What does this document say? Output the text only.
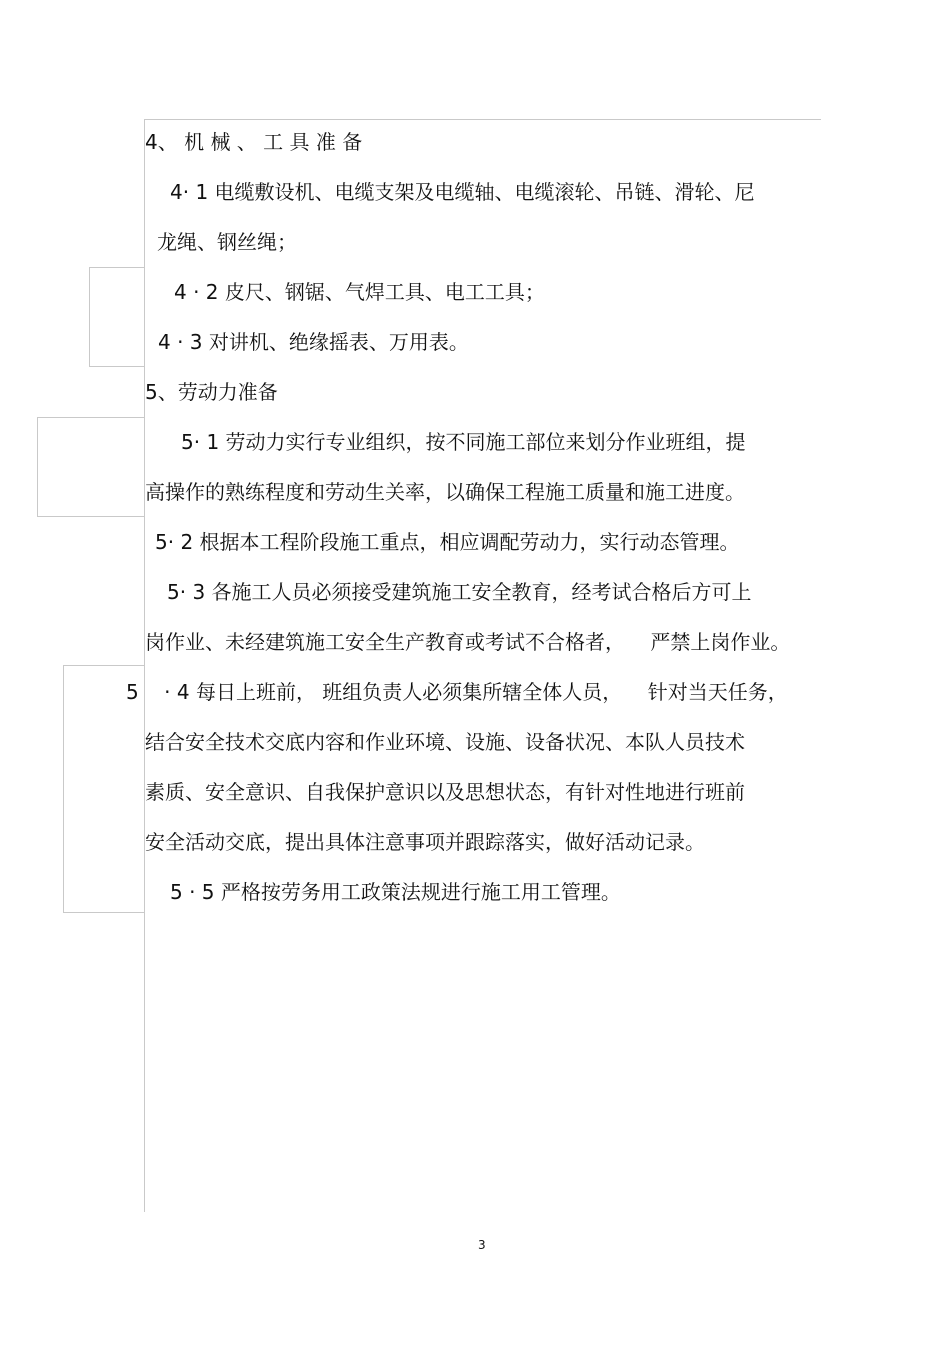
4、 机 械 、 工 具 准 备
4· 1 电缆敷设机、电缆支架及电缆轴、电缆滚轮、吊链、滑轮、尼
龙绳、钢丝绳；
4 · 2 皮尺、钢锯、气焊工具、电工工具；
4 · 3 对讲机、绝缘摇表、万用表。
5、劳动力准备
5· 1 劳动力实行专业组织，按不同施工部位来划分作业班组，提
高操作的熟练程度和劳动生关率，以确保工程施工质量和施工进度。
5· 2 根据本工程阶段施工重点，相应调配劳动力，实行动态管理。
5· 3 各施工人员必须接受建筑施工安全教育，经考试合格后方可上
岗作业、未经建筑施工安全生产教育或考试不合格者，    严禁上岗作业。
5    · 4 每日上班前， 班组负责人必须集所辖全体人员，    针对当天任务，
结合安全技术交底内容和作业环境、设施、设备状况、本队人员技术
素质、安全意识、自我保护意识以及思想状态，有针对性地进行班前
安全活动交底，提出具体注意事项并跟踪落实，做好活动记录。
5 · 5 严格按劳务用工政策法规进行施工用工管理。
3
